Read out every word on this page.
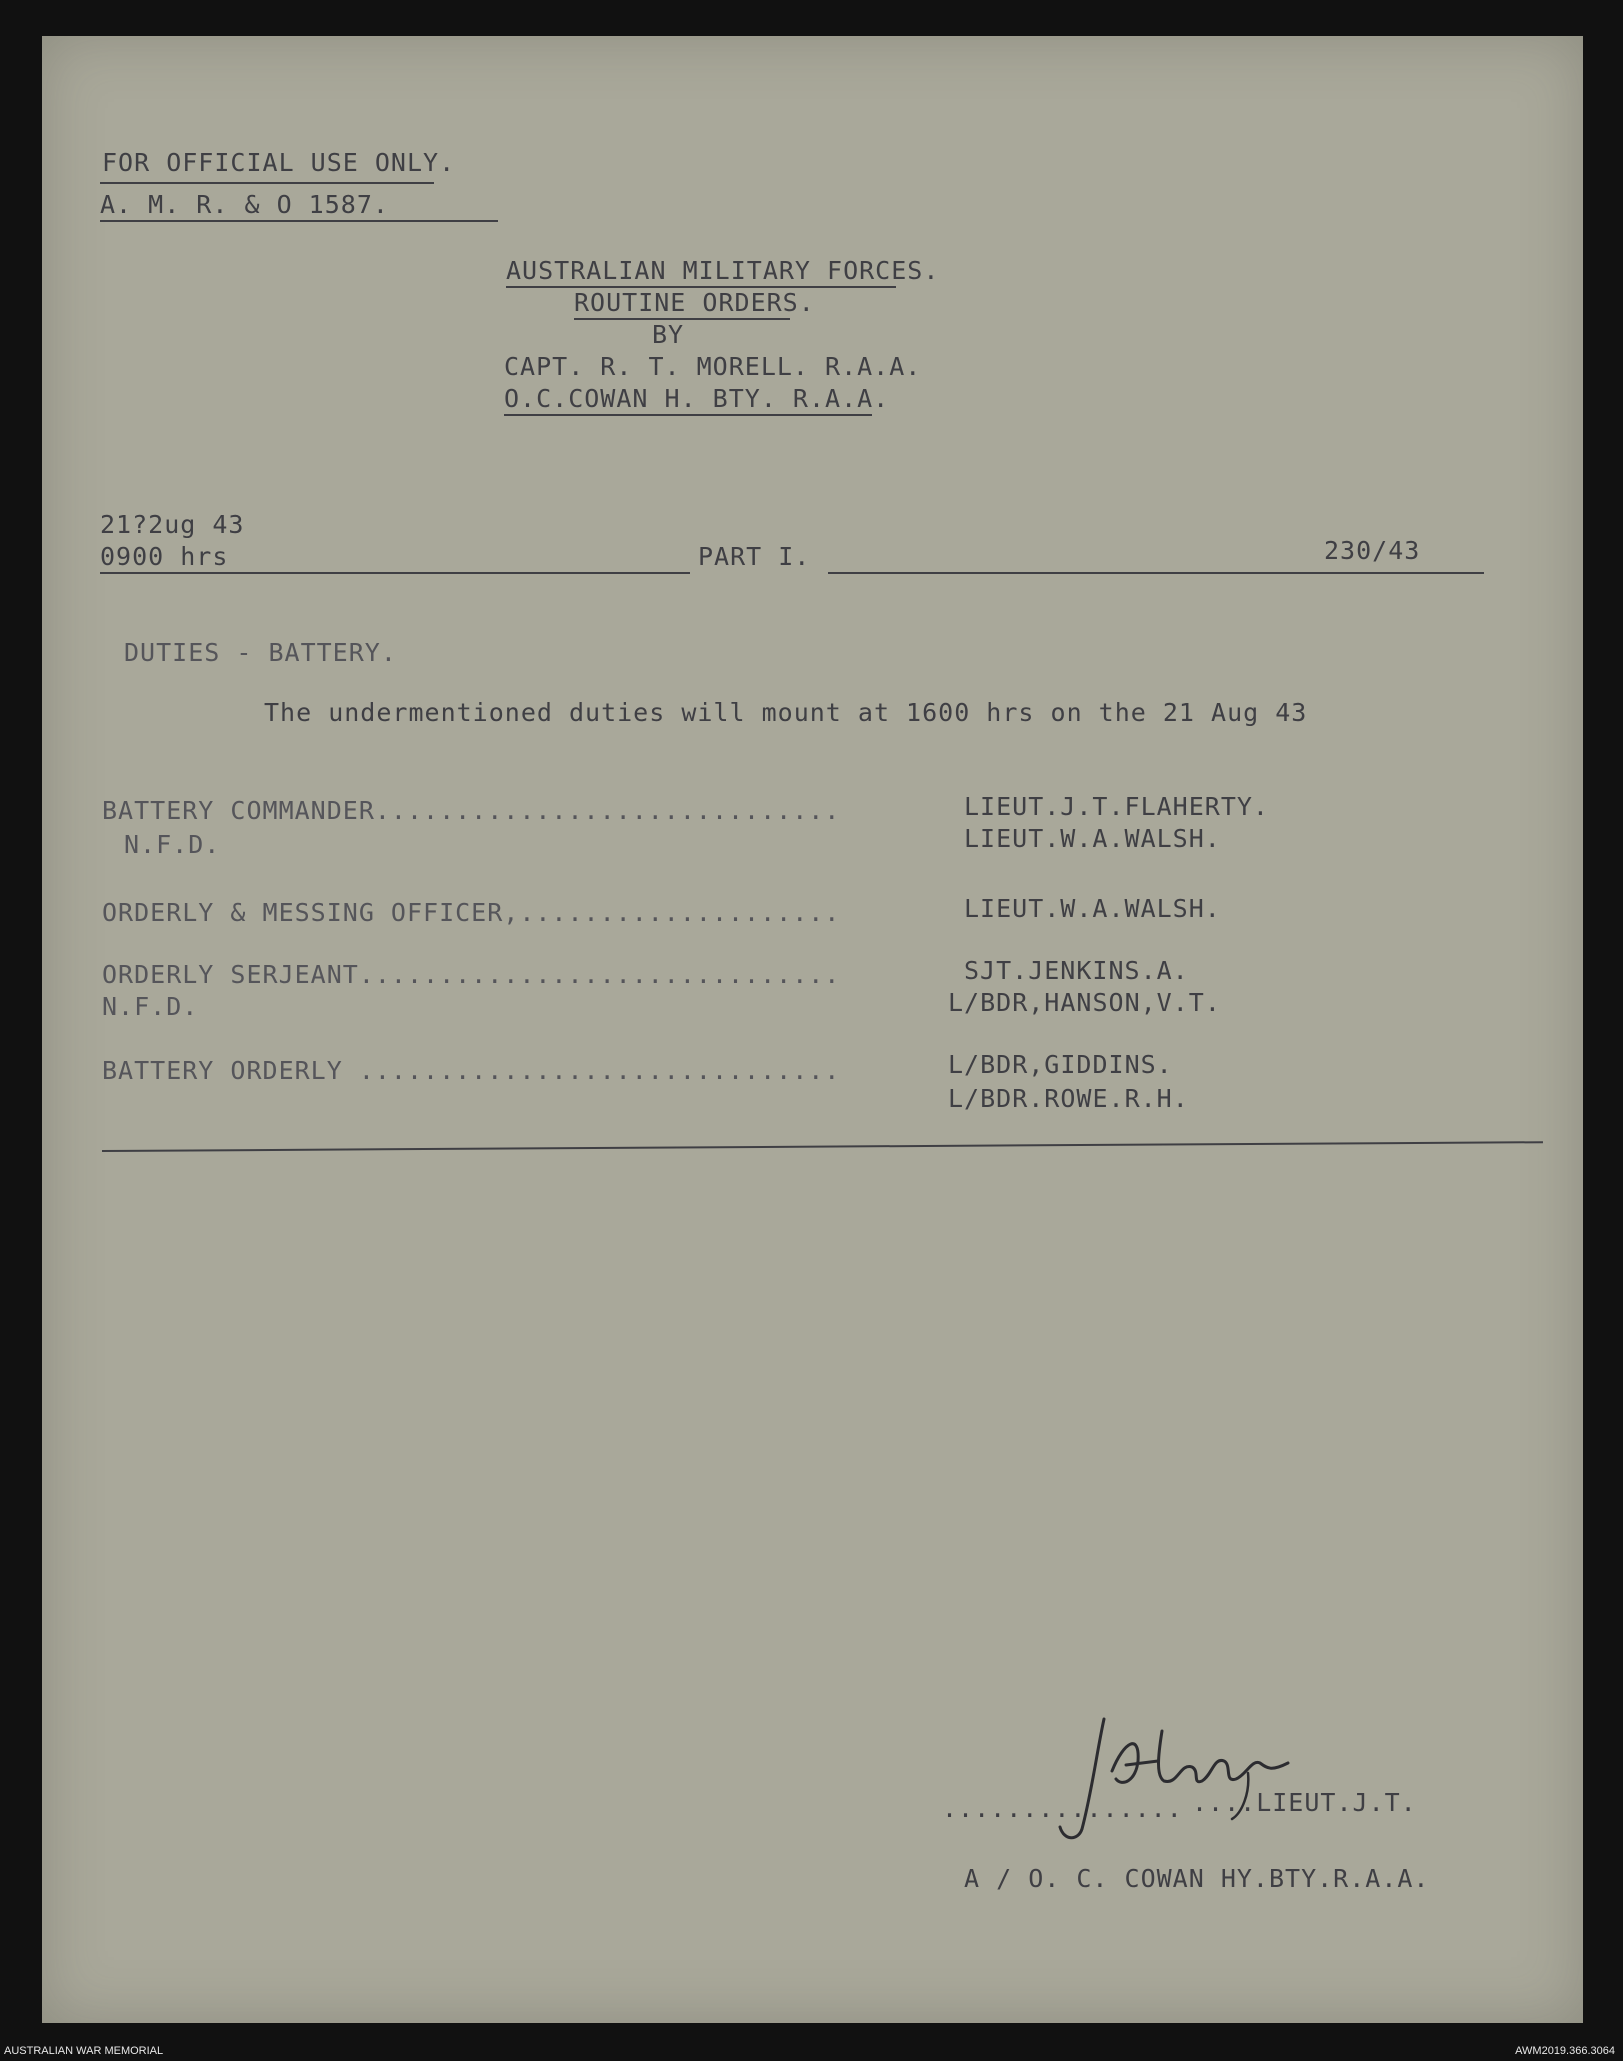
FOR OFFICIAL USE ONLY.
A. M. R. & O 1587.
AUSTRALIAN MILITARY FORCES.
ROUTINE ORDERS.
BY
CAPT. R. T. MORELL. R.A.A.
O.C.COWAN H. BTY. R.A.A.
21?2ug 43
0900 hrs	PART I.	230/43
DUTIES - BATTERY.
The undermentioned duties will mount at 1600 hrs on the 21 Aug 43
BATTERY COMMANDER.............................	LIEUT.J.T.FLAHERTY.
N.F.D.	LIEUT.W.A.WALSH.
ORDERLY & MESSING OFFICER,....................	LIEUT.W.A.WALSH.
ORDERLY SERJEANT..............................	SJT.JENKINS.A.
N.F.D.	L/BDR,HANSON,V.T.
BATTERY ORDERLY ..............................	L/BDR,GIDDINS.
L/BDR.ROWE.R.H.
............... ....LIEUT.J.T.
A / O. C. COWAN HY.BTY.R.A.A.
AUSTRALIAN WAR MEMORIAL	AWM2019.366.3064
